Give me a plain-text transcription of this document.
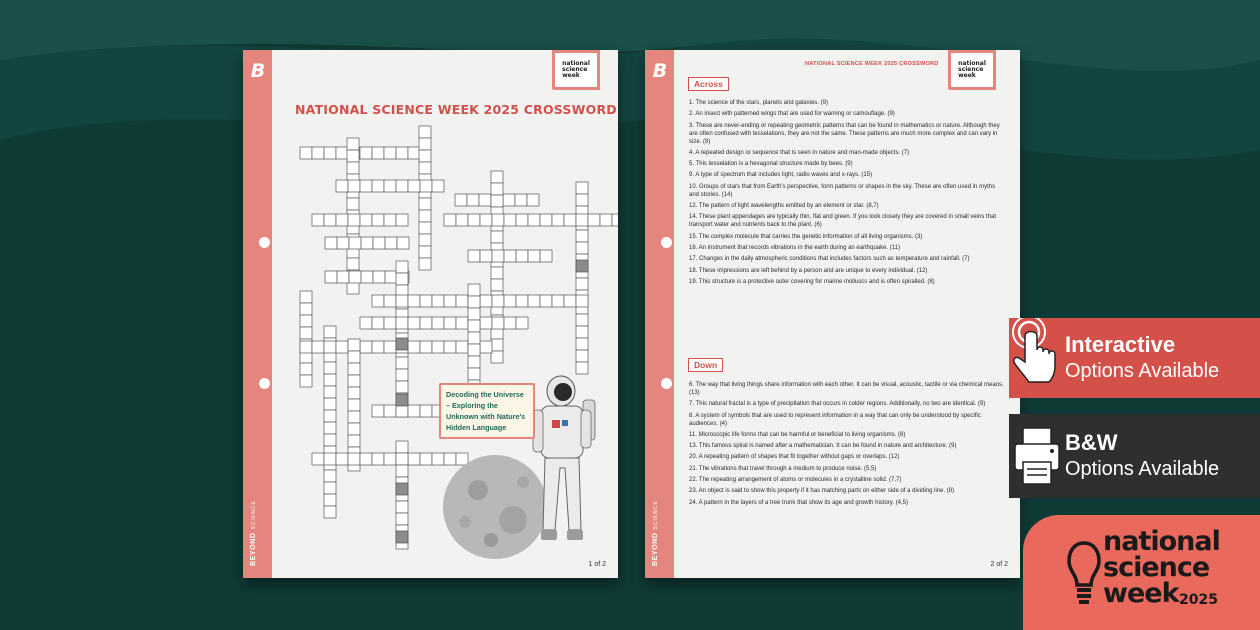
B
BEYONDSCIENCE
national
science
week
NATIONAL SCIENCE WEEK 2025 CROSSWORD
Decoding the Universe – Exploring the Unknown with Nature's Hidden Language
1 of 2
B
BEYONDSCIENCE
NATIONAL SCIENCE WEEK 2025 CROSSWORD	national
science
week
Across
1. The science of the stars, planets and galaxies. (9)
2. An insect with patterned wings that are used for warning or camouflage. (9)
3. These are never-ending or repeating geometric patterns that can be found in mathematics or nature. Although they are often confused with tesselations, they are not the same. These patterns are much more complex and can vary in size. (8)
4. A repeated design or sequence that is seen in nature and man-made objects. (7)
5. This tesselation is a hexagonal structure made by bees. (9)
9. A type of spectrum that includes light, radio waves and x-rays. (15)
10. Groups of stars that from Earth's perspective, form patterns or shapes in the sky. These are often used in myths and stories. (14)
12. The pattern of light wavelengths emitted by an element or star. (8,7)
14. These plant appendages are typically thin, flat and green. If you look closely they are covered in small veins that transport water and nutrients back to the plant. (6)
15. The complex molecule that carries the genetic information of all living organisms. (3)
16. An instrument that records vibrations in the earth during an earthquake. (11)
17. Changes in the daily atmospheric conditions that includes factors such as temperature and rainfall. (7)
18. These impressions are left behind by a person and are unique to every individual. (12)
19. This structure is a protective outer covering for marine molluscs and is often spiralled. (8)
Down
6. The way that living things share information with each other. It can be visual, acoustic, tactile or via chemical means. (13)
7. This natural fractal is a type of precipitation that occurs in colder regions. Additionally, no two are identical. (9)
8. A system of symbols that are used to represent information in a way that can only be understood by specific audiences. (4)
11. Microscopic life forms that can be harmful or beneficial to living organisms. (8)
13. This famous spiral is named after a mathematician. It can be found in nature and architecture. (9)
20. A repeating pattern of shapes that fit together without gaps or overlaps. (12)
21. The vibrations that travel through a medium to produce noise. (5,5)
22. The repeating arrangement of atoms or molecules in a crystalline solid. (7,7)
23. An object is said to show this property if it has matching parts on either side of a dividing line. (8)
24. A pattern in the layers of a tree trunk that show its age and growth history. (4,5)
2 of 2
Interactive
Options Available
B&W
Options Available
national
science
week 2025
